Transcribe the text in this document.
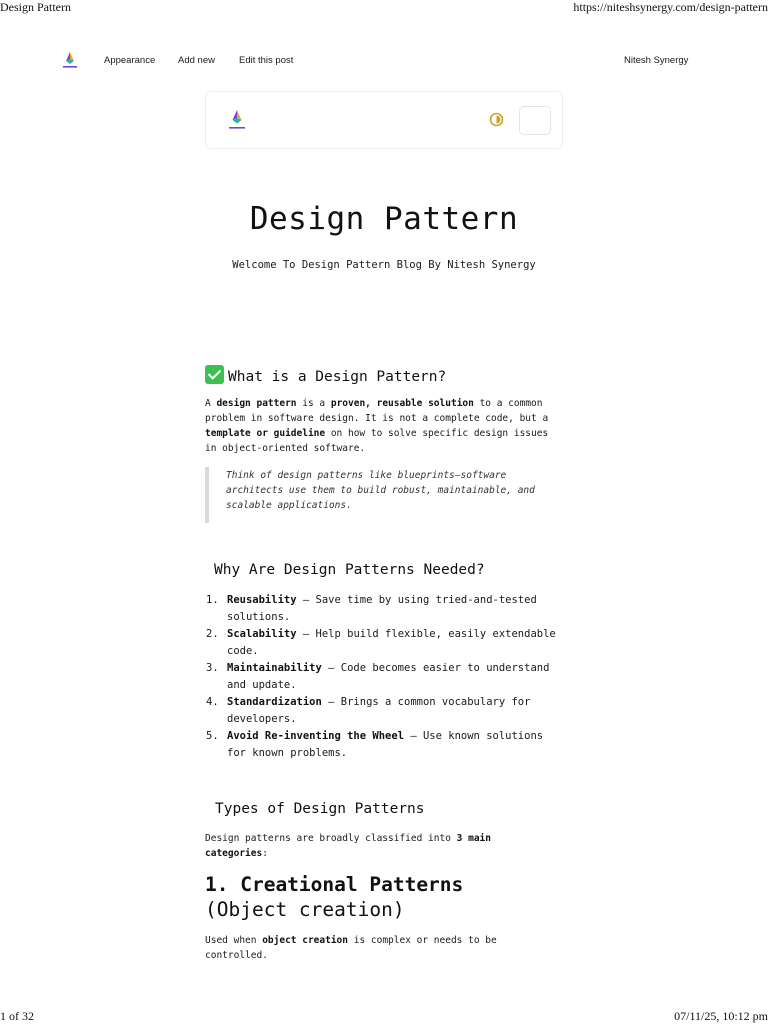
Design Pattern	https://niteshsynergy.com/design-pattern
1 of 32	07/11/25, 10:12 pm
Appearance Add new	Edit this post	Nitesh Synergy
Design Pattern
Welcome To Design Pattern Blog By Nitesh Synergy
What is a Design Pattern?

A design pattern is a proven, reusable solution to a common problem in software design. It is not a complete code, but a template or guideline on how to solve specific design issues in object-oriented software.

Think of design patterns like blueprints—software architects use them to build robust, maintainable, and scalable applications.

Why Are Design Patterns Needed?
1. Reusability – Save time by using tried-and-tested solutions.
2. Scalability – Help build flexible, easily extendable code.
3. Maintainability – Code becomes easier to understand and update.
4. Standardization – Brings a common vocabulary for developers.
5. Avoid Re-inventing the Wheel – Use known solutions for known problems.
Types of Design Patterns

Design patterns are broadly classified into 3 main categories:

1. Creational Patterns
(Object creation)

Used when object creation is complex or needs to be controlled.
